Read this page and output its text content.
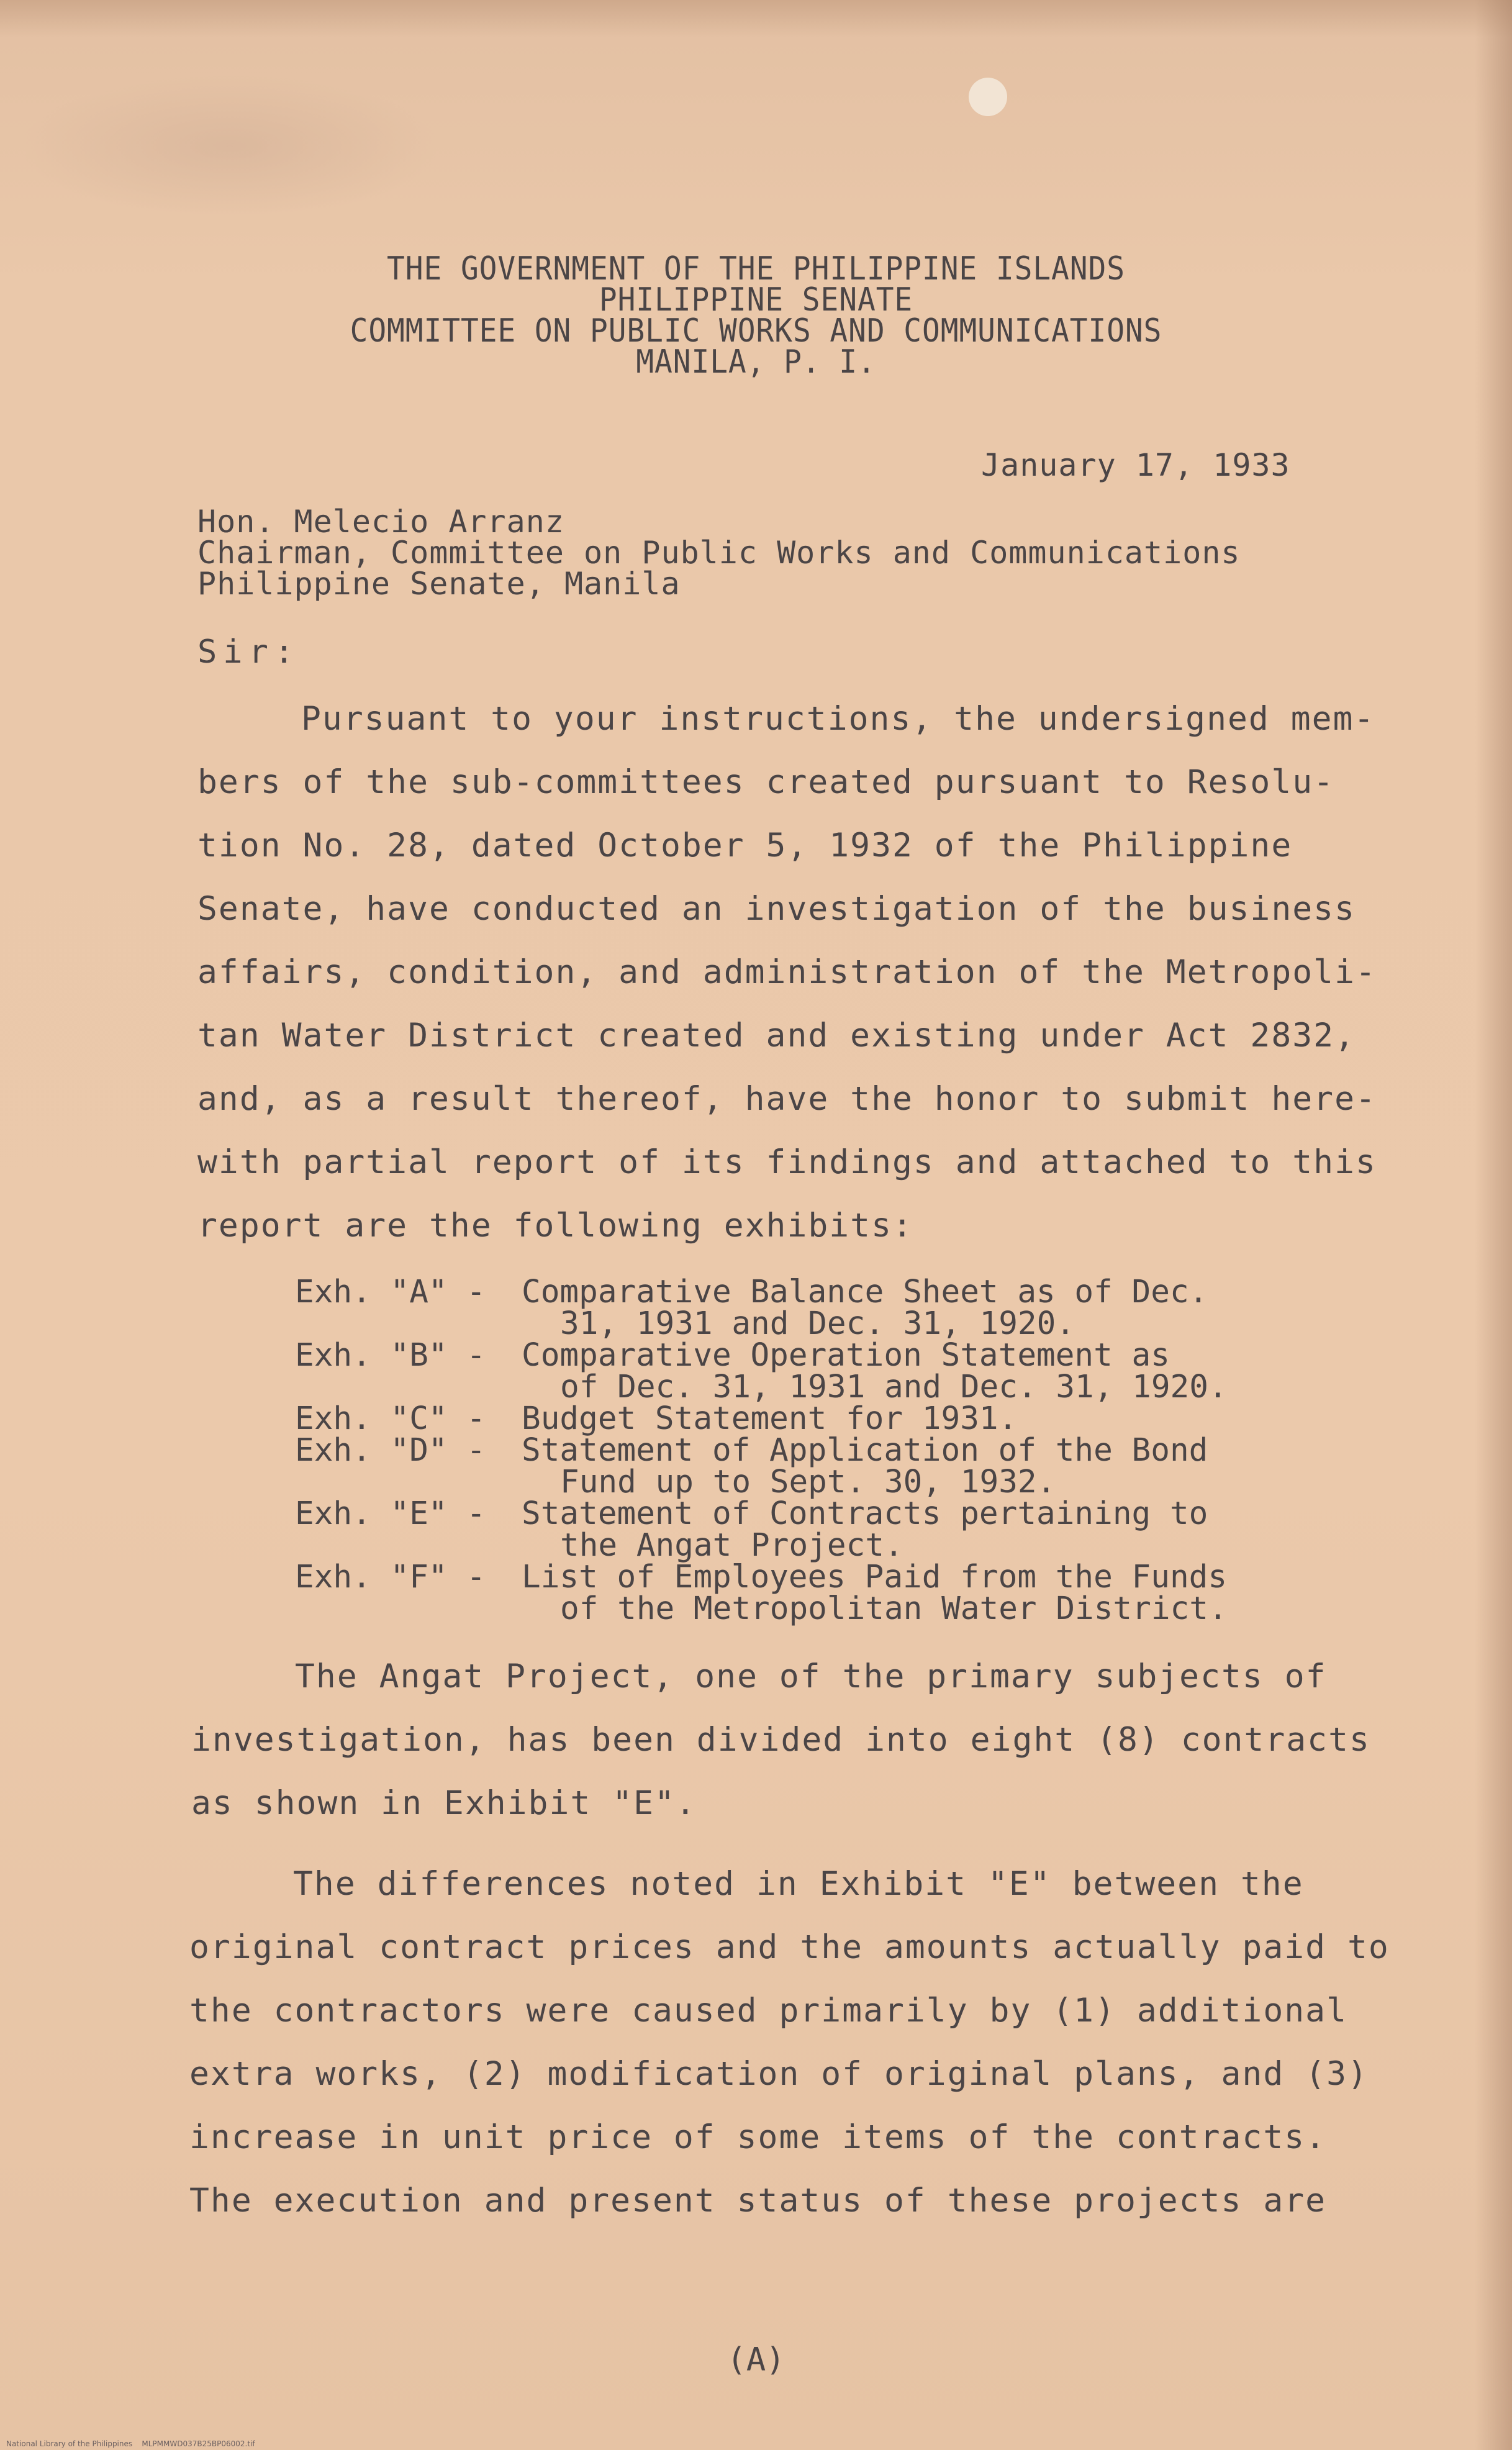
THE GOVERNMENT OF THE PHILIPPINE ISLANDS
PHILIPPINE SENATE
COMMITTEE ON PUBLIC WORKS AND COMMUNICATIONS
MANILA, P. I.
January 17, 1933
Hon. Melecio Arranz
Chairman, Committee on Public Works and Communications
Philippine Senate, Manila
Sir:
Pursuant to your instructions, the undersigned mem-
bers of the sub-committees created pursuant to Resolu-
tion No. 28, dated October 5, 1932 of the Philippine
Senate, have conducted an investigation of the business
affairs, condition, and administration of the Metropoli-
tan Water District created and existing under Act 2832,
and, as a result thereof, have the honor to submit here-
with partial report of its findings and attached to this
report are the following exhibits:
The Angat Project, one of the primary subjects of
investigation, has been divided into eight (8) contracts
as shown in Exhibit "E".
The differences noted in Exhibit "E" between the
original contract prices and the amounts actually paid to
the contractors were caused primarily by (1) additional
extra works, (2) modification of original plans, and (3)
increase in unit price of some items of the contracts.
The execution and present status of these projects are
Exh. "A" - Comparative Balance Sheet as of Dec.
31, 1931 and Dec. 31, 1920.
Exh. "B" - Comparative Operation Statement as
of Dec. 31, 1931 and Dec. 31, 1920.
Exh. "C" - Budget Statement for 1931.
Exh. "D" - Statement of Application of the Bond
Fund up to Sept. 30, 1932.
Exh. "E" - Statement of Contracts pertaining to
the Angat Project.
Exh. "F" - List of Employees Paid from the Funds
of the Metropolitan Water District.
(A)
National Library of the Philippines    MLPMMWD037B25BP06002.tif
